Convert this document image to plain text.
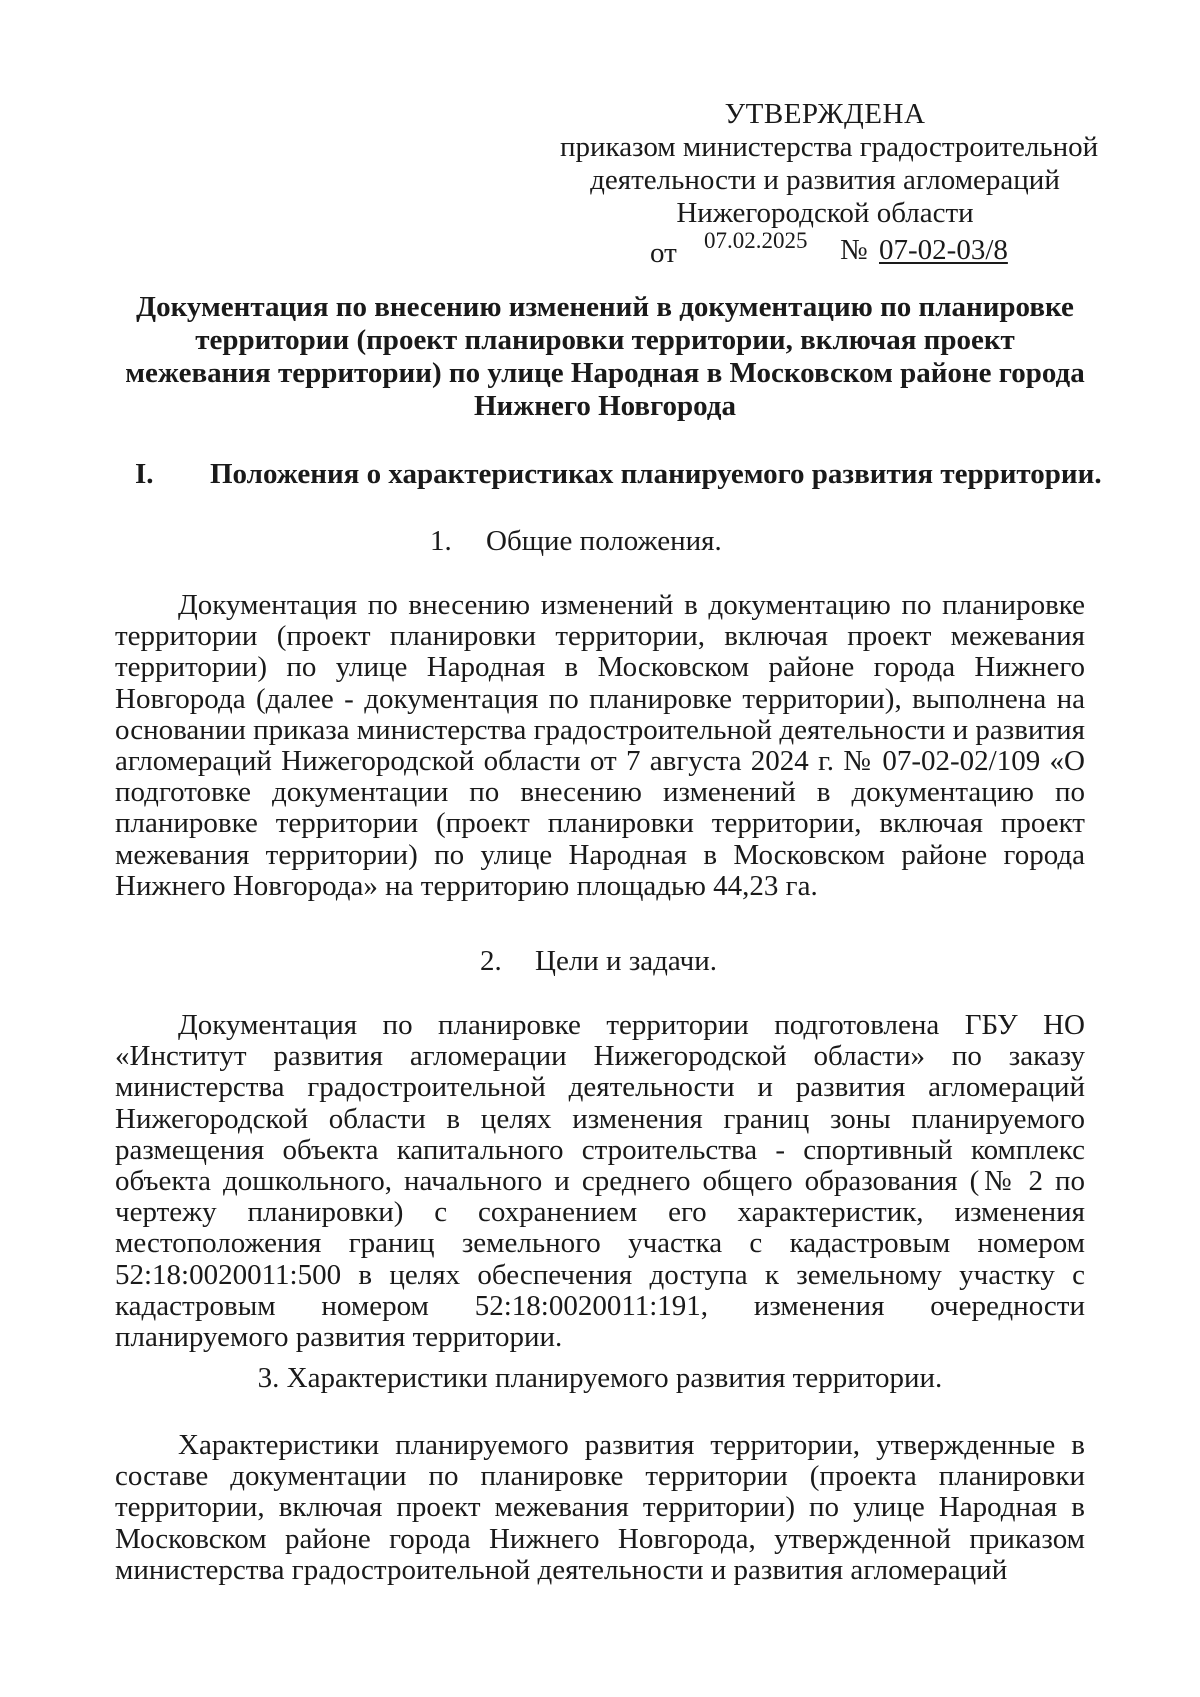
УТВЕРЖДЕНА
приказом министерства градостроительной
деятельности и развития агломераций
Нижегородской области
от 07.02.2025 № 07-02-03/8
Документация по внесению изменений в документацию по планировке территории (проект планировки территории, включая проект межевания территории) по улице Народная в Московском районе города Нижнего Новгорода
I. Положения о характеристиках планируемого развития территории.
1. Общие положения.
Документация по внесению изменений в документацию по планировке территории (проект планировки территории, включая проект межевания территории) по улице Народная в Московском районе города Нижнего Новгорода (далее - документация по планировке территории), выполнена на основании приказа министерства градостроительной деятельности и развития агломераций Нижегородской области от 7 августа 2024 г. № 07-02-02/109 «О подготовке документации по внесению изменений в документацию по планировке территории (проект планировки территории, включая проект межевания территории) по улице Народная в Московском районе города Нижнего Новгорода» на территорию площадью 44,23 га.
2. Цели и задачи.
Документация по планировке территории подготовлена ГБУ НО «Институт развития агломерации Нижегородской области» по заказу министерства градостроительной деятельности и развития агломераций Нижегородской области в целях изменения границ зоны планируемого размещения объекта капитального строительства - спортивный комплекс объекта дошкольного, начального и среднего общего образования (№ 2 по чертежу планировки) с сохранением его характеристик, изменения местоположения границ земельного участка с кадастровым номером 52:18:0020011:500 в целях обеспечения доступа к земельному участку с кадастровым номером 52:18:0020011:191, изменения очередности планируемого развития территории.
3. Характеристики планируемого развития территории.
Характеристики планируемого развития территории, утвержденные в составе документации по планировке территории (проекта планировки территории, включая проект межевания территории) по улице Народная в Московском районе города Нижнего Новгорода, утвержденной приказом министерства градостроительной деятельности и развития агломераций
